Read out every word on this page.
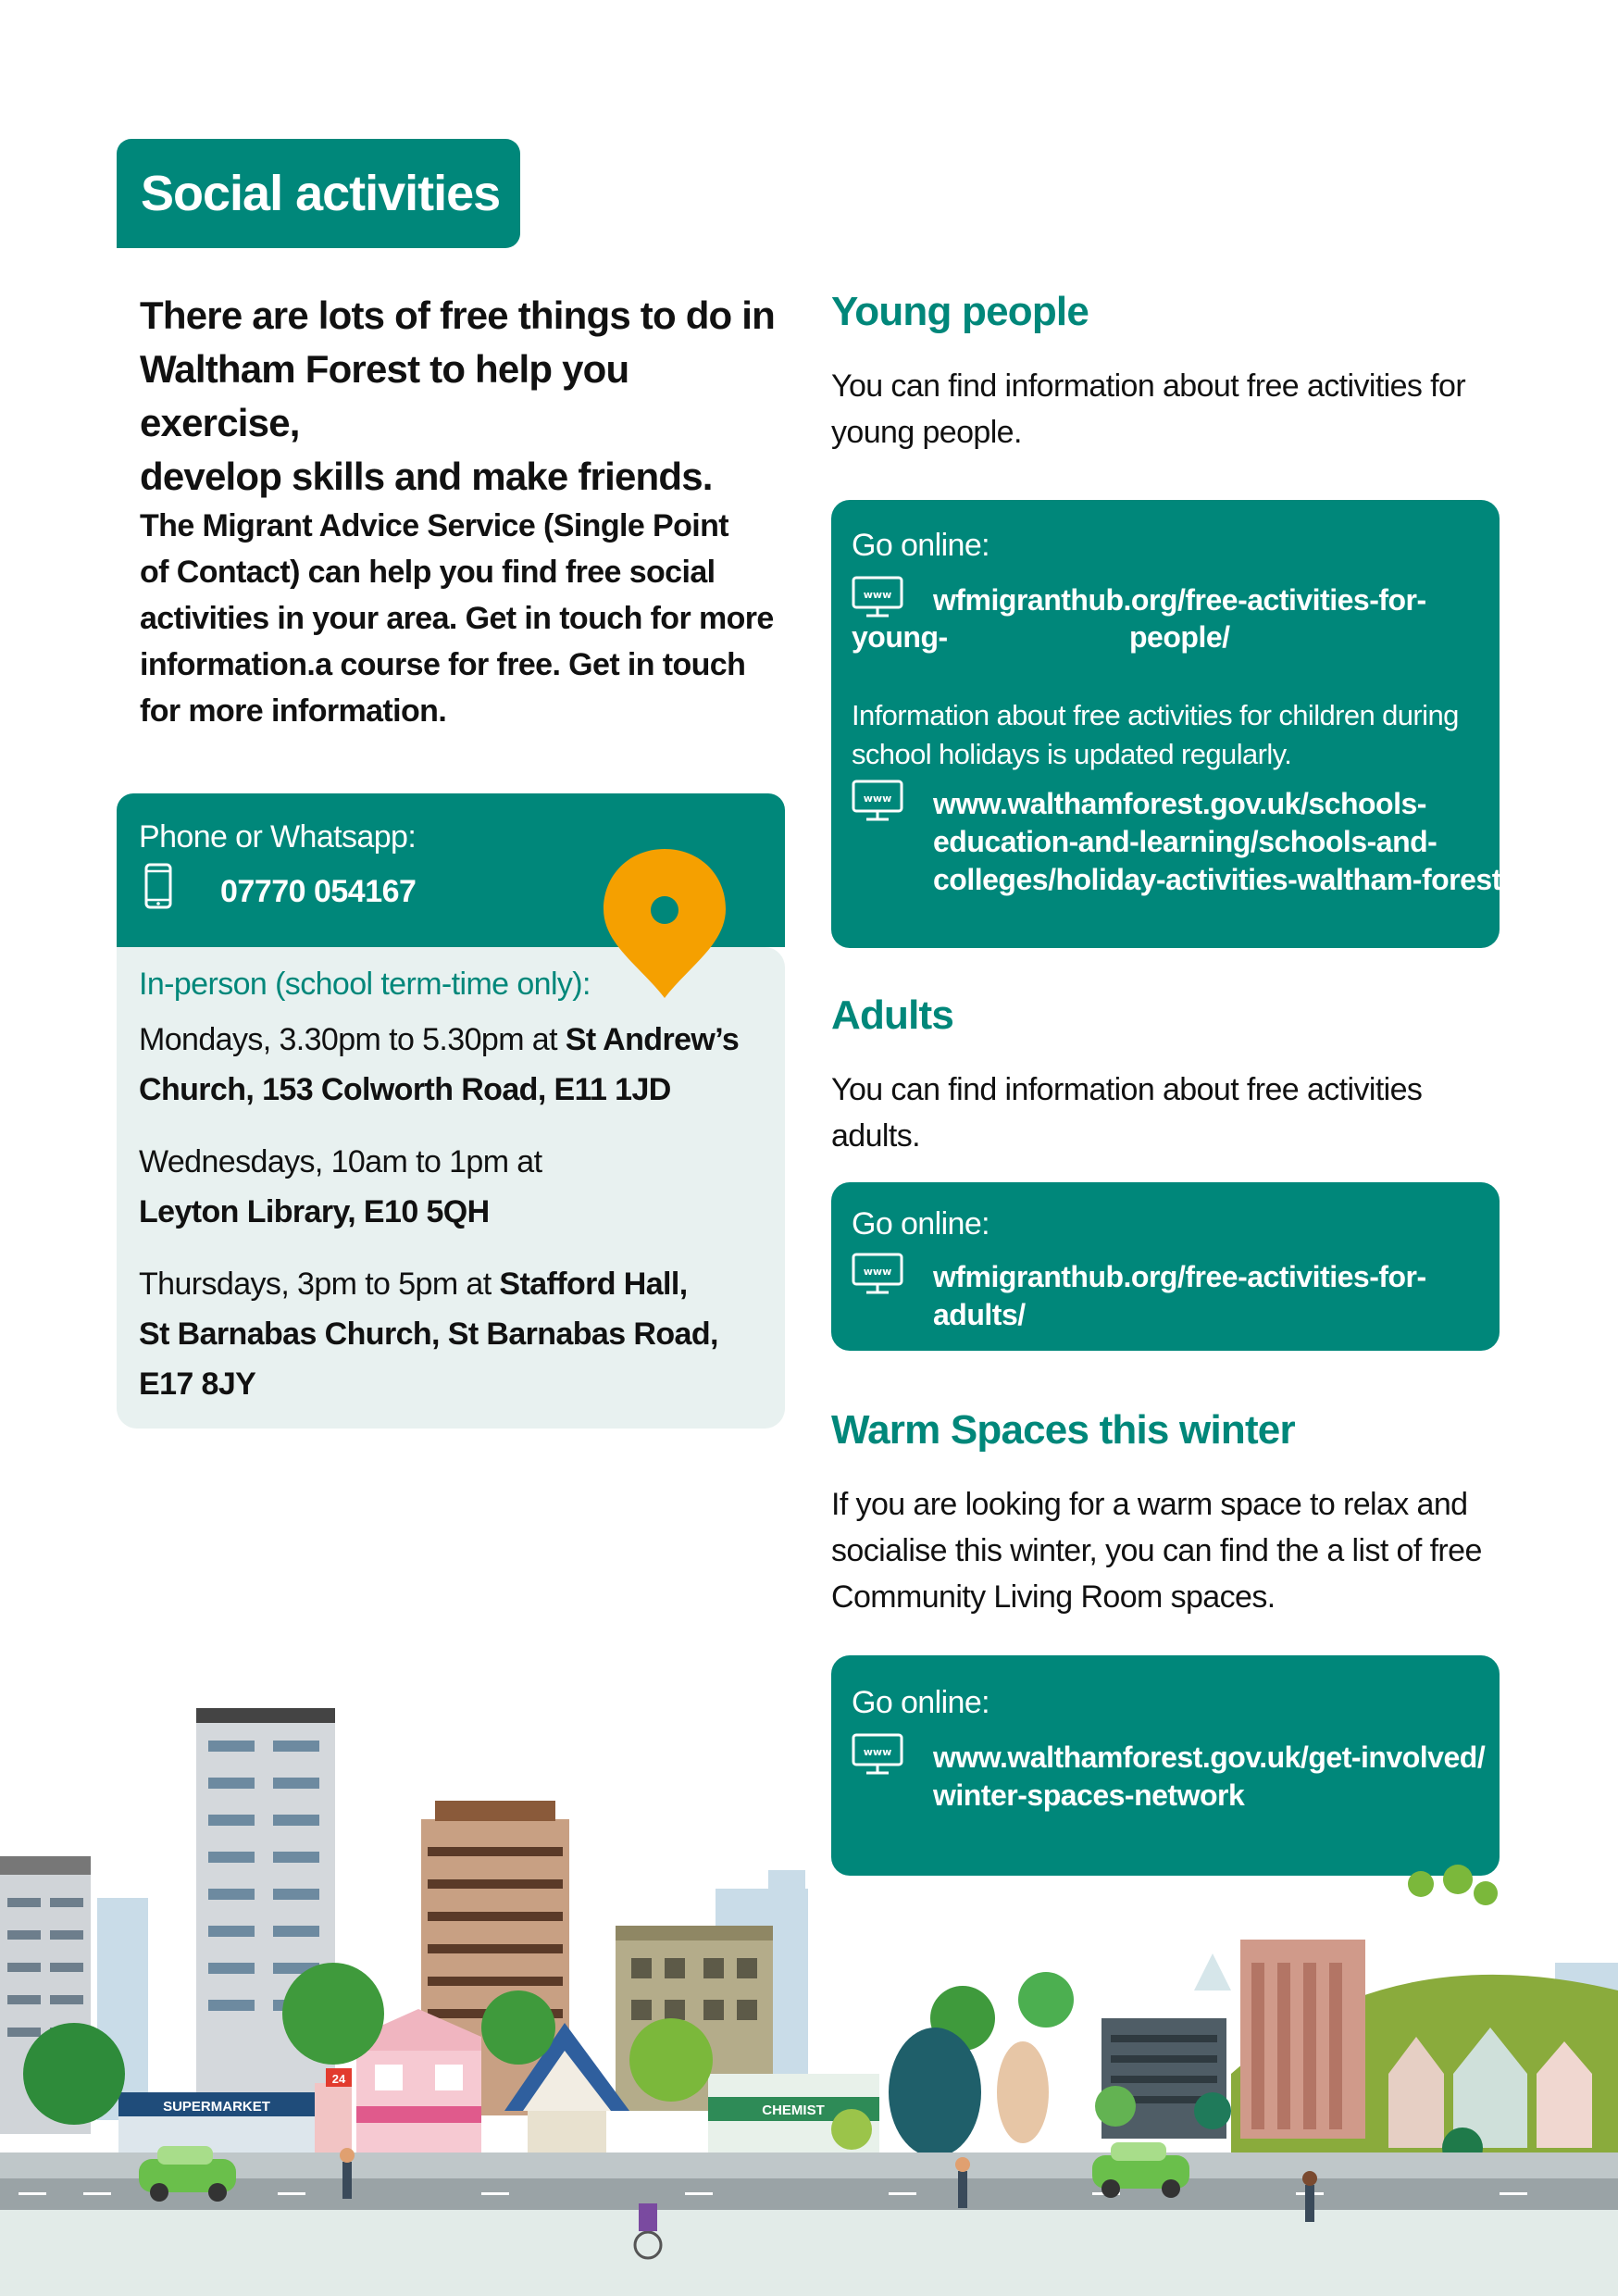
Social activities
There are lots of free things to do in
Waltham Forest to help you exercise,
develop skills and make friends.
The Migrant Advice Service (Single Point
of Contact) can help you find free social
activities in your area. Get in touch for more
information.a course for free. Get in touch
for more information.
Phone or Whatsapp:
07770 054167
In-person (school term-time only):
Mondays, 3.30pm to 5.30pm at St Andrew’s
Church, 153 Colworth Road, E11 1JD
Wednesdays, 10am to 1pm at
Leyton Library, E10 5QH
Thursdays, 3pm to 5pm at Stafford Hall,
St Barnabas Church, St Barnabas Road,
E17 8JY
Young people
You can find information about free activities for
young people.
Go online:
www wfmigranthub.org/free-activities-for-
young-	people/
Information about free activities for children during
school holidays is updated regularly.
www www.walthamforest.gov.uk/schools-
education-and-learning/schools-and-
colleges/holiday-activities-waltham-forest
Adults
You can find information about free activities
adults.
Go online:
www wfmigranthub.org/free-activities-for-
adults/
Warm Spaces this winter
If you are looking for a warm space to relax and
socialise this winter, you can find the a list of free
Community Living Room spaces.
Go online:
www www.walthamforest.gov.uk/get-involved/
winter-spaces-network
SUPERMARKET
24
CHEMIST
